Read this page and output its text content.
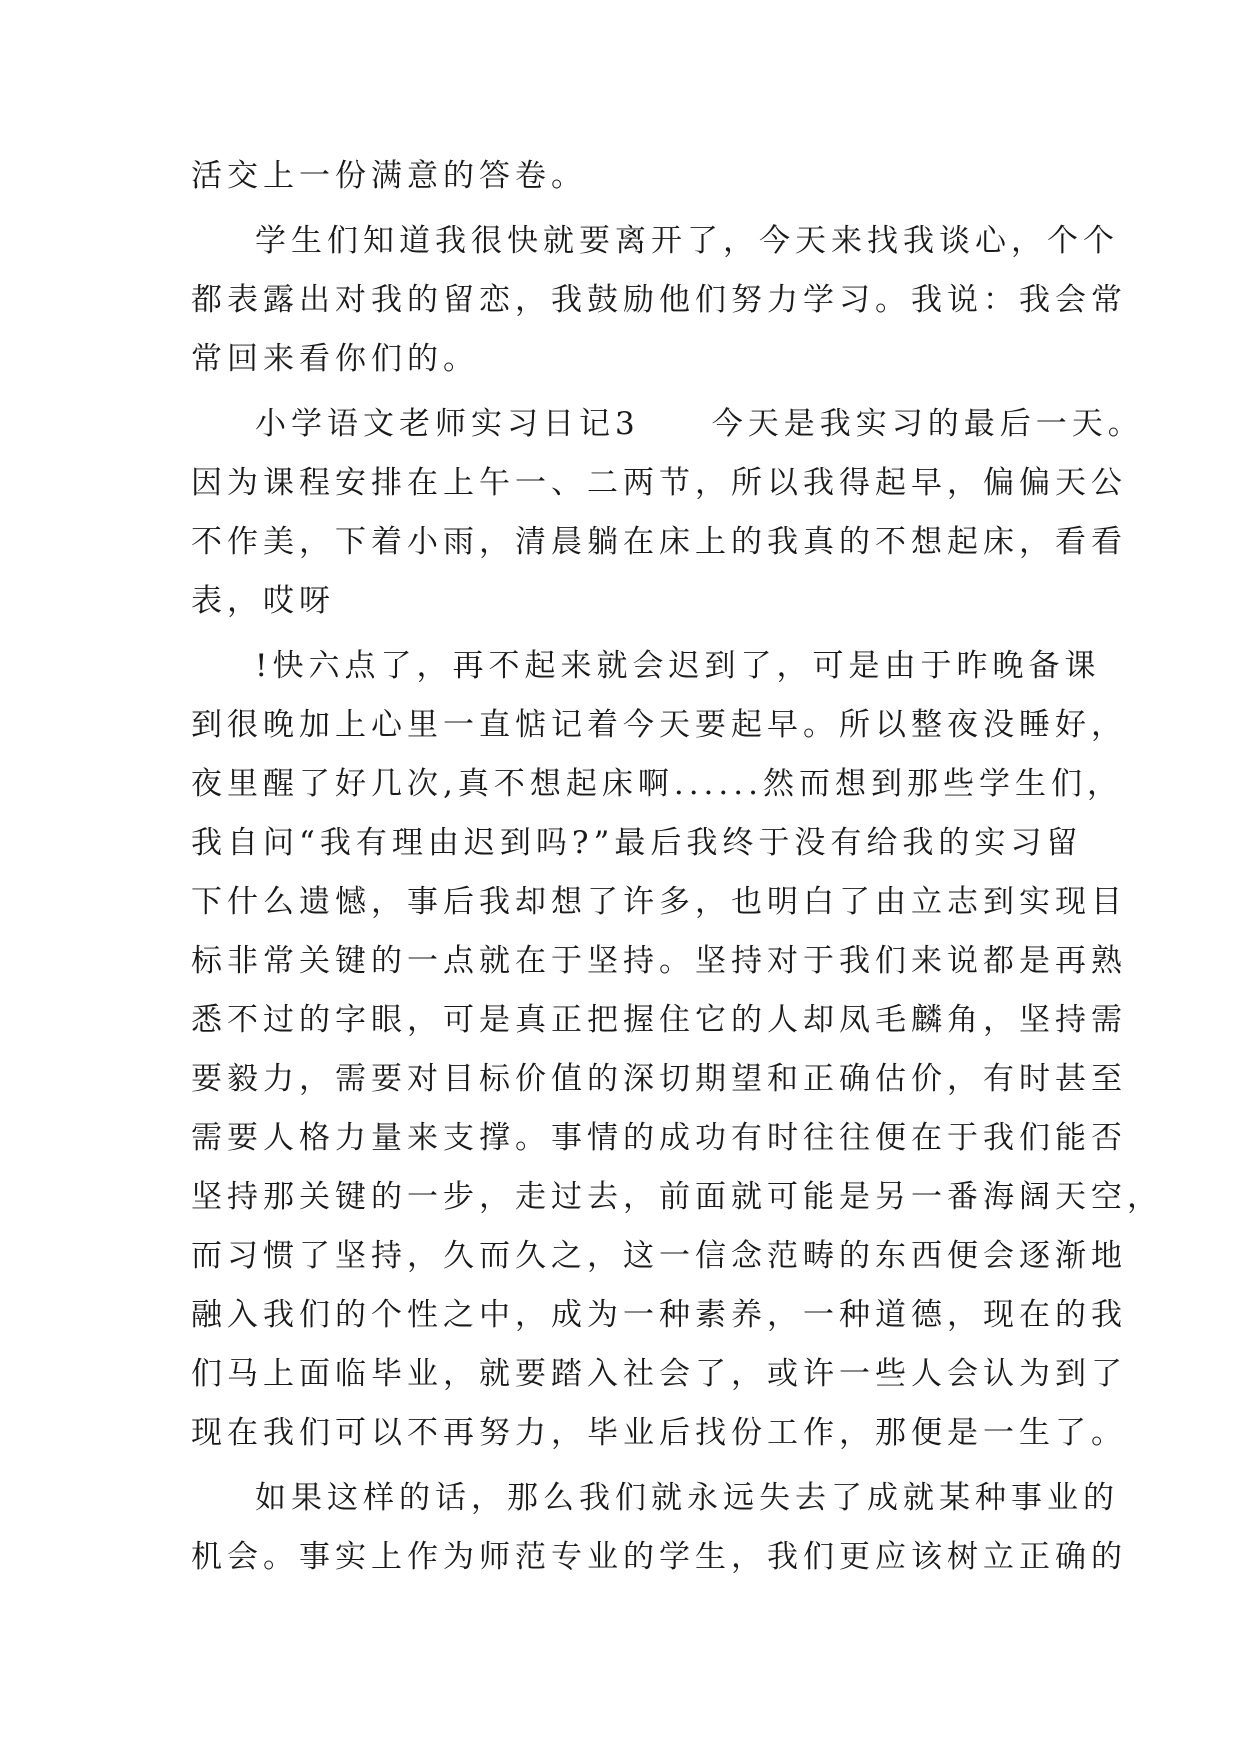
活交上一份满意的答卷。
学生们知道我很快就要离开了，今天来找我谈心，个个
都表露出对我的留恋，我鼓励他们努力学习。我说：我会常
常回来看你们的。
小学语文老师实习日记3　　今天是我实习的最后一天。
因为课程安排在上午一、二两节，所以我得起早，偏偏天公
不作美，下着小雨，清晨躺在床上的我真的不想起床，看看
表，哎呀
!快六点了，再不起来就会迟到了，可是由于昨晚备课
到很晚加上心里一直惦记着今天要起早。所以整夜没睡好，
夜里醒了好几次,真不想起床啊......然而想到那些学生们，
我自问“我有理由迟到吗?”最后我终于没有给我的实习留
下什么遗憾，事后我却想了许多，也明白了由立志到实现目
标非常关键的一点就在于坚持。坚持对于我们来说都是再熟
悉不过的字眼，可是真正把握住它的人却凤毛麟角，坚持需
要毅力，需要对目标价值的深切期望和正确估价，有时甚至
需要人格力量来支撑。事情的成功有时往往便在于我们能否
坚持那关键的一步，走过去，前面就可能是另一番海阔天空，
而习惯了坚持，久而久之，这一信念范畴的东西便会逐渐地
融入我们的个性之中，成为一种素养，一种道德，现在的我
们马上面临毕业，就要踏入社会了，或许一些人会认为到了
现在我们可以不再努力，毕业后找份工作，那便是一生了。
如果这样的话，那么我们就永远失去了成就某种事业的
机会。事实上作为师范专业的学生，我们更应该树立正确的
